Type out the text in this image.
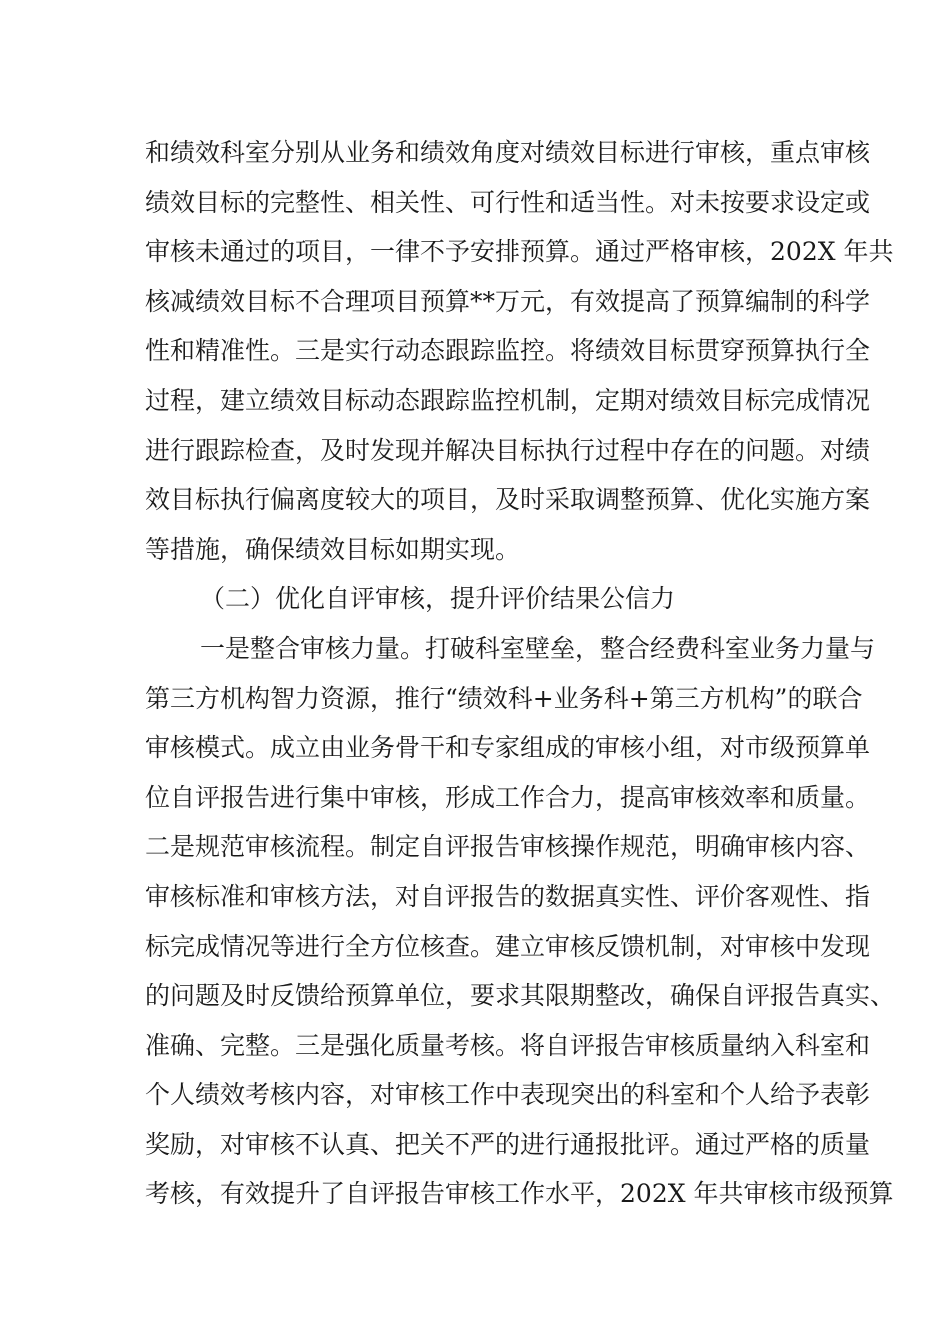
和绩效科室分别从业务和绩效角度对绩效目标进行审核，重点审核
绩效目标的完整性、相关性、可行性和适当性。对未按要求设定或
审核未通过的项目，一律不予安排预算。通过严格审核，202X 年共
核减绩效目标不合理项目预算**万元，有效提高了预算编制的科学
性和精准性。三是实行动态跟踪监控。将绩效目标贯穿预算执行全
过程，建立绩效目标动态跟踪监控机制，定期对绩效目标完成情况
进行跟踪检查，及时发现并解决目标执行过程中存在的问题。对绩
效目标执行偏离度较大的项目，及时采取调整预算、优化实施方案
等措施，确保绩效目标如期实现。
（二）优化自评审核，提升评价结果公信力
一是整合审核力量。打破科室壁垒，整合经费科室业务力量与
第三方机构智力资源，推行“绩效科+业务科+第三方机构”的联合
审核模式。成立由业务骨干和专家组成的审核小组，对市级预算单
位自评报告进行集中审核，形成工作合力，提高审核效率和质量。
二是规范审核流程。制定自评报告审核操作规范，明确审核内容、
审核标准和审核方法，对自评报告的数据真实性、评价客观性、指
标完成情况等进行全方位核查。建立审核反馈机制，对审核中发现
的问题及时反馈给预算单位，要求其限期整改，确保自评报告真实、
准确、完整。三是强化质量考核。将自评报告审核质量纳入科室和
个人绩效考核内容，对审核工作中表现突出的科室和个人给予表彰
奖励，对审核不认真、把关不严的进行通报批评。通过严格的质量
考核，有效提升了自评报告审核工作水平，202X 年共审核市级预算
